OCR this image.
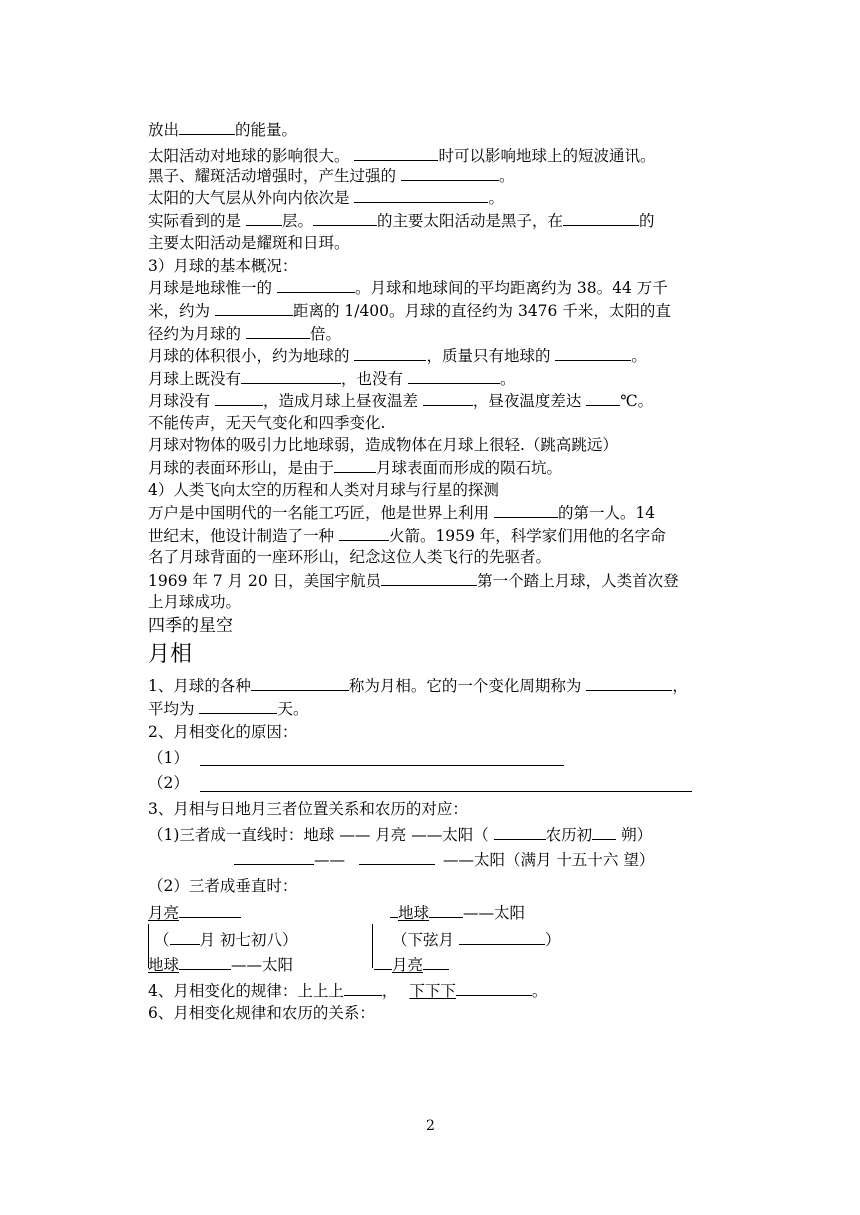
放出	的能量。
太阳活动对地球的影响很大。	时可以影响地球上的短波通讯。
黑子、耀斑活动增强时，产生过强的	。
太阳的大气层从外向内依次是	。
实际看到的是 层。	的主要太阳活动是黑子，在	的
主要太阳活动是耀斑和日珥。
3）月球的基本概况：
月球是地球惟一的	。月球和地球间的平均距离约为 38。44 万千
米，约为	距离的 1/400。月球的直径约为 3476 千米，太阳的直
径约为月球的	倍。
月球的体积很小，约为地球的	，质量只有地球的	。
月球上既没有	，也没有	。
月球没有	，造成月球上昼夜温差	，昼夜温度差达 ℃。
不能传声，无天气变化和四季变化.
月球对物体的吸引力比地球弱，造成物体在月球上很轻.（跳高跳远）
月球的表面环形山，是由于	月球表面而形成的陨石坑。
4）人类飞向太空的历程和人类对月球与行星的探测
万户是中国明代的一名能工巧匠，他是世界上利用	的第一人。14
世纪末，他设计制造了一种	火箭。1959 年，科学家们用他的名字命
名了月球背面的一座环形山，纪念这位人类飞行的先驱者。
1969 年 7 月 20 日，美国宇航员	第一个踏上月球，人类首次登
上月球成功。
四季的星空
月相
1、月球的各种	称为月相。它的一个变化周期称为	，
平均为	天。
2、月相变化的原因：
（1）
（2）
3、月相与日地月三者位置关系和农历的对应：
（1)三者成一直线时：地球 —— 月亮 ——太阳（	农历初 朔）
——	——太阳（满月 十五十六 望）
（2）三者成垂直时：
月亮	地球 ——太阳
（ 月 初七初八）	（下弦月	）
地球	——太阳	月亮
4、月相变化的规律：上上上 ， 下下下	。
6、月相变化规律和农历的关系：
2
